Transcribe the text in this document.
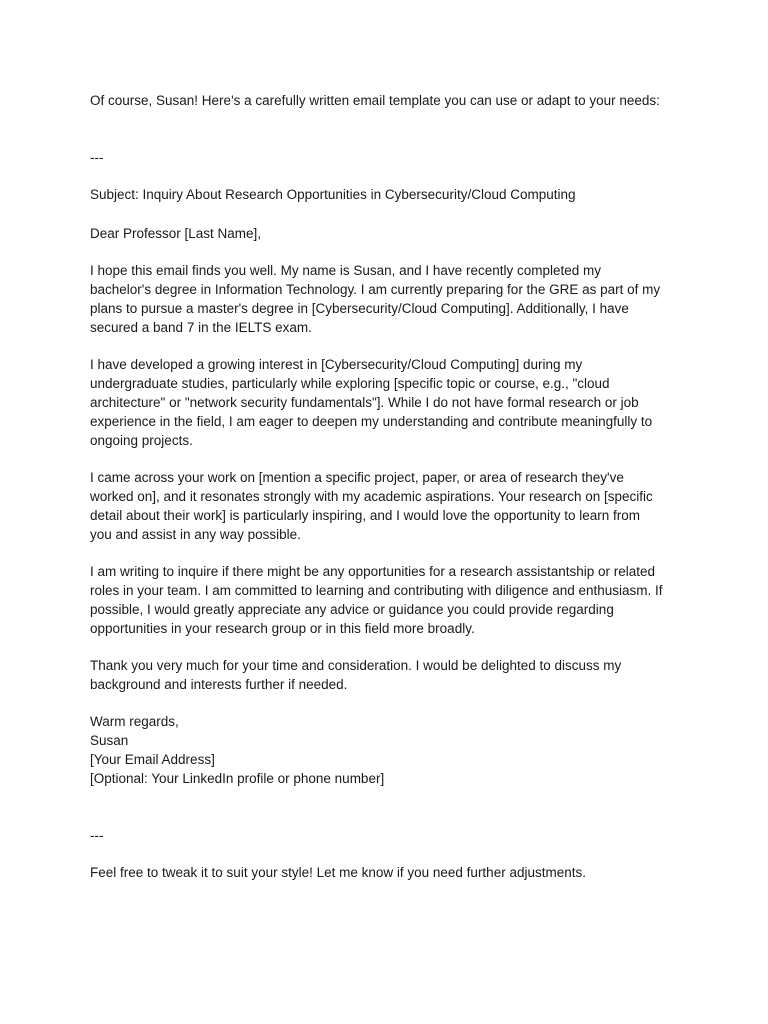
Of course, Susan! Here's a carefully written email template you can use or adapt to your needs:

---

Subject: Inquiry About Research Opportunities in Cybersecurity/Cloud Computing

Dear Professor [Last Name],

I hope this email finds you well. My name is Susan, and I have recently completed my
bachelor's degree in Information Technology. I am currently preparing for the GRE as part of my
plans to pursue a master's degree in [Cybersecurity/Cloud Computing]. Additionally, I have
secured a band 7 in the IELTS exam.

I have developed a growing interest in [Cybersecurity/Cloud Computing] during my
undergraduate studies, particularly while exploring [specific topic or course, e.g., "cloud
architecture" or "network security fundamentals"]. While I do not have formal research or job
experience in the field, I am eager to deepen my understanding and contribute meaningfully to
ongoing projects.

I came across your work on [mention a specific project, paper, or area of research they've
worked on], and it resonates strongly with my academic aspirations. Your research on [specific
detail about their work] is particularly inspiring, and I would love the opportunity to learn from
you and assist in any way possible.

I am writing to inquire if there might be any opportunities for a research assistantship or related
roles in your team. I am committed to learning and contributing with diligence and enthusiasm. If
possible, I would greatly appreciate any advice or guidance you could provide regarding
opportunities in your research group or in this field more broadly.

Thank you very much for your time and consideration. I would be delighted to discuss my
background and interests further if needed.

Warm regards,
Susan
[Your Email Address]
[Optional: Your LinkedIn profile or phone number]

---

Feel free to tweak it to suit your style! Let me know if you need further adjustments.
